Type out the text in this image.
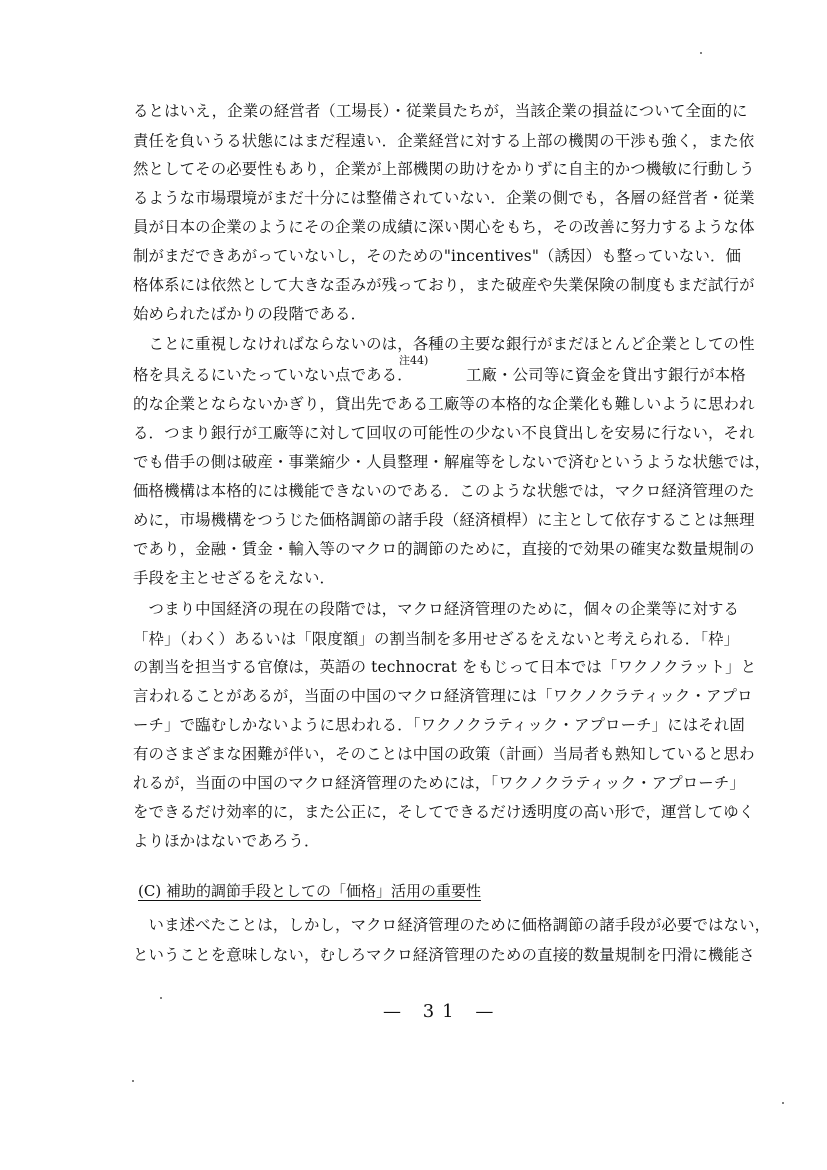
るとはいえ，企業の経営者（工場長）・従業員たちが，当該企業の損益について全面的に
責任を負いうる状態にはまだ程遠い．企業経営に対する上部の機関の干渉も強く，また依
然としてその必要性もあり，企業が上部機関の助けをかりずに自主的かつ機敏に行動しう
るような市場環境がまだ十分には整備されていない．企業の側でも，各層の経営者・従業
員が日本の企業のようにその企業の成績に深い関心をもち，その改善に努力するような体
制がまだできあがっていないし，そのための"incentives"（誘因）も整っていない．価
格体系には依然として大きな歪みが残っており，また破産や失業保険の制度もまだ試行が
始められたばかりの段階である．
　ことに重視しなければならないのは，各種の主要な銀行がまだほとんど企業としての性
格を具えるにいたっていない点である．
的な企業とならないかぎり，貸出先である工廠等の本格的な企業化も難しいように思われ
る．つまり銀行が工廠等に対して回収の可能性の少ない不良貸出しを安易に行ない，それ
でも借手の側は破産・事業縮少・人員整理・解雇等をしないで済むというような状態では，
価格機構は本格的には機能できないのである．このような状態では，マクロ経済管理のた
めに，市場機構をつうじた価格調節の諸手段（経済槓桿）に主として依存することは無理
であり，金融・賃金・輸入等のマクロ的調節のために，直接的で効果の確実な数量規制の
手段を主とせざるをえない．
　つまり中国経済の現在の段階では，マクロ経済管理のために，個々の企業等に対する
「枠」（わく）あるいは「限度額」の割当制を多用せざるをえないと考えられる．「枠」
の割当を担当する官僚は，英語の technocrat をもじって日本では「ワクノクラット」と
言われることがあるが，当面の中国のマクロ経済管理には「ワクノクラティック・アプロ
ーチ」で臨むしかないように思われる．「ワクノクラティック・アプローチ」にはそれ固
有のさまざまな困難が伴い，そのことは中国の政策（計画）当局者も熟知していると思わ
れるが，当面の中国のマクロ経済管理のためには，「ワクノクラティック・アプローチ」
をできるだけ効率的に，また公正に，そしてできるだけ透明度の高い形で，運営してゆく
よりほかはないであろう．
注44)
工廠・公司等に資金を貸出す銀行が本格
(C) 補助的調節手段としての「価格」活用の重要性
　いま述べたことは，しかし，マクロ経済管理のために価格調節の諸手段が必要ではない，
ということを意味しない，むしろマクロ経済管理のための直接的数量規制を円滑に機能さ
— 31 —
